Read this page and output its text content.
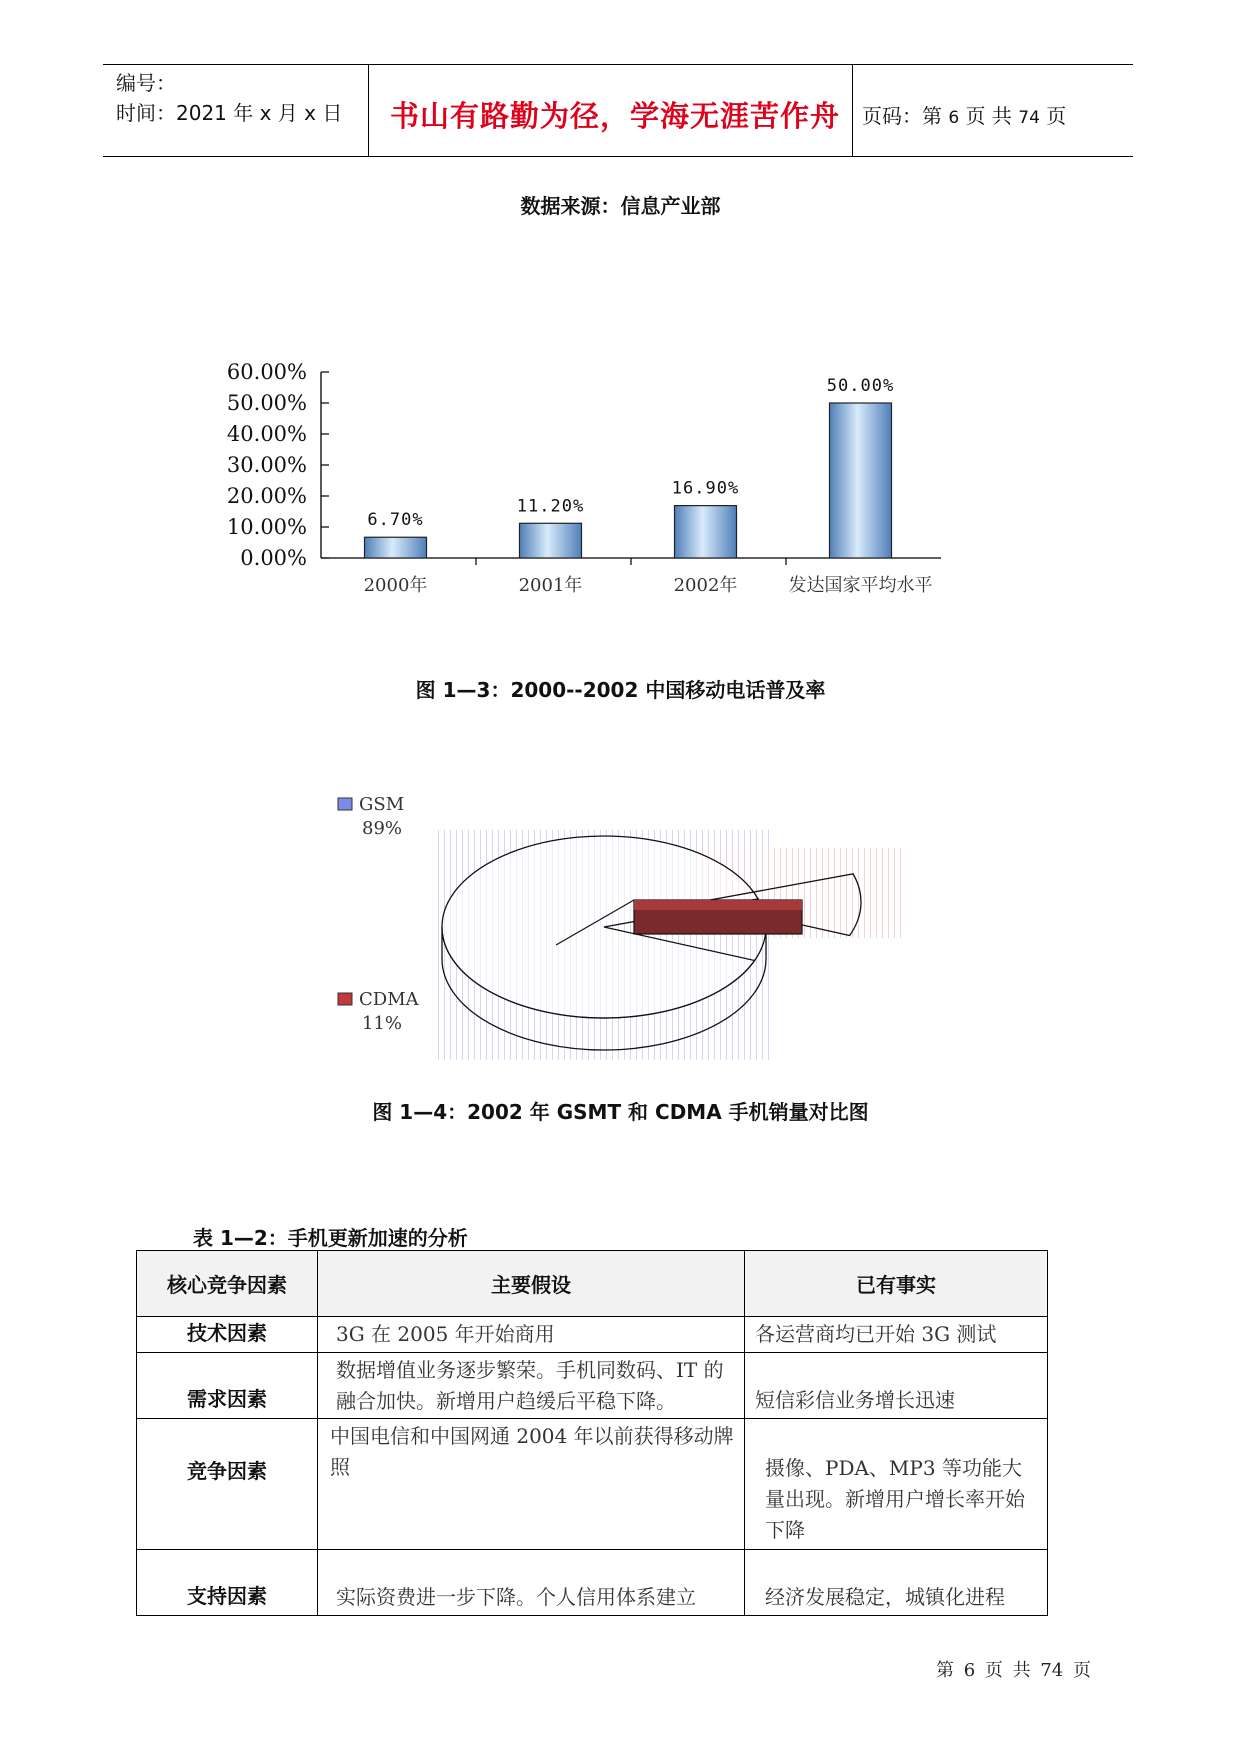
编号：
时间：2021 年 x 月 x 日 书山有路勤为径，学海无涯苦作舟 页码：第 6 页 共 74 页
数据来源：信息产业部
0.00%
10.00%
20.00%
30.00%
40.00%
50.00%
60.00%
6.70%
11.20%
16.90%
50.00%
2000年	2001年	2002年	发达国家平均水平
图 1—3：2000--2002 中国移动电话普及率
GSM
89%
CDMA
11%
图 1—4：2002 年 GSMT 和 CDMA 手机销量对比图
表 1—2：手机更新加速的分析
核心竞争因素	主要假设	已有事实
技术因素	3G 在 2005 年开始商用	各运营商均已开始 3G 测试

需求因素	数据增值业务逐步繁荣。手机同数码、IT 的融合加快。新增用户趋缓后平稳下降。	短信彩信业务增长迅速

竞争因素	中国电信和中国网通 2004 年以前获得移动牌照	摄像、PDA、MP3 等功能大量出现。新增用户增长率开始下降

支持因素	实际资费进一步下降。个人信用体系建立	经济发展稳定，城镇化进程
第 6 页 共 74 页
